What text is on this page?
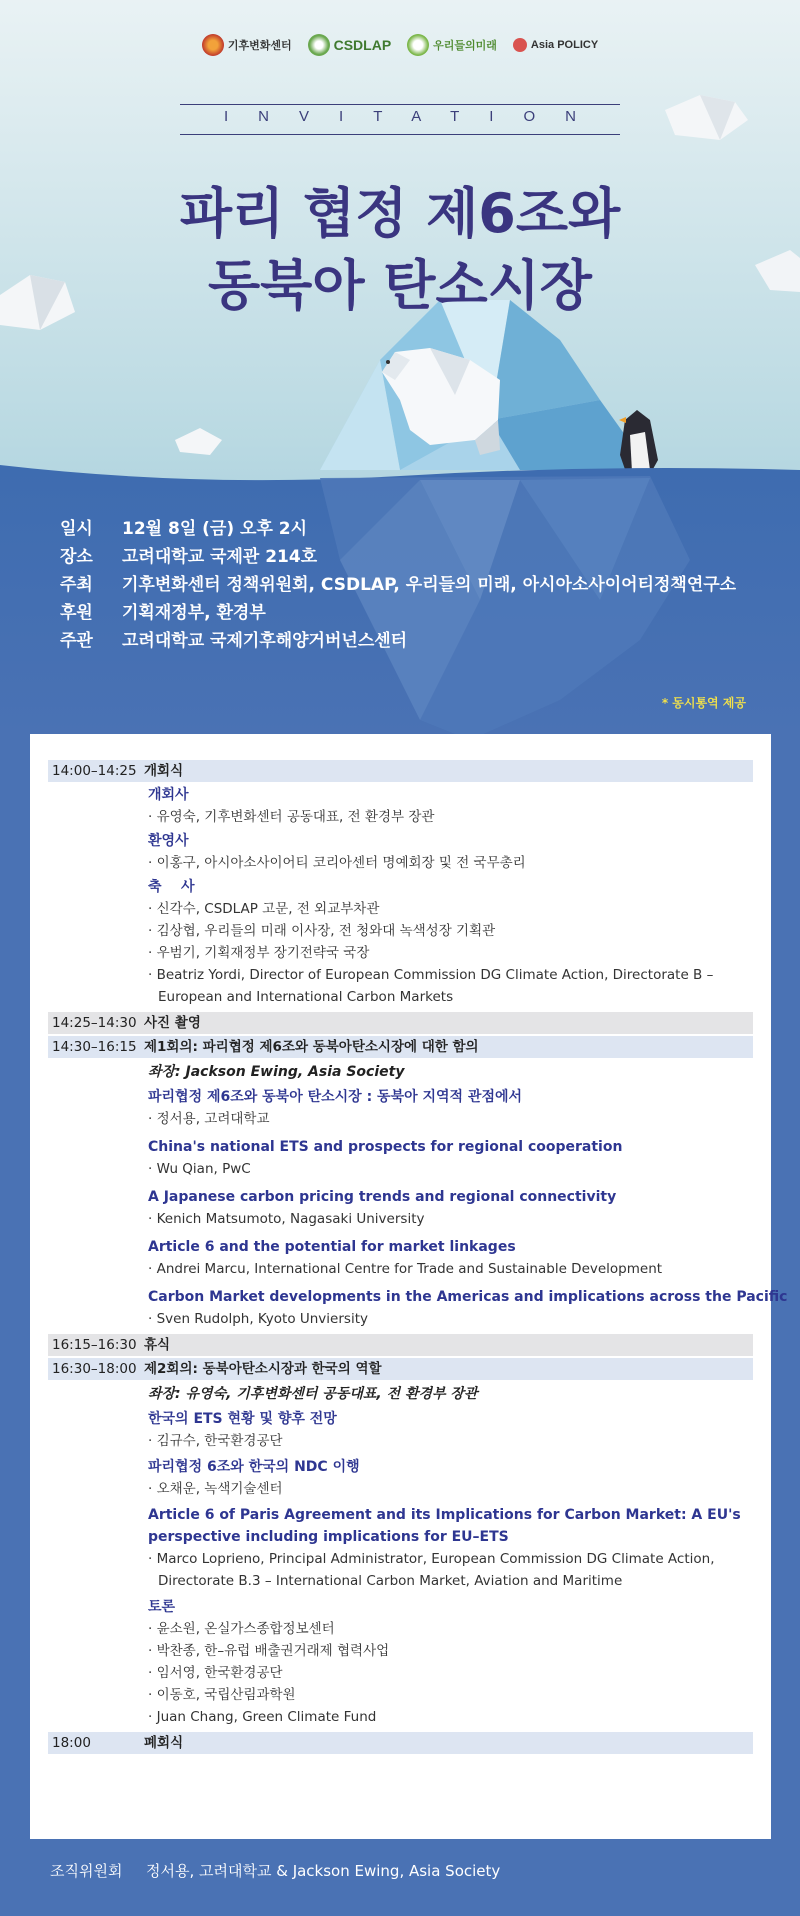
기후변화센터	CSDLAP	우리들의미래	Asia POLICY
INVITATION
파리 협정 제6조와
동북아 탄소시장
일시	12월 8일 (금) 오후 2시
장소	고려대학교 국제관 214호
주최	기후변화센터 정책위원회, CSDLAP, 우리들의 미래, 아시아소사이어티정책연구소
후원	기획재정부, 환경부
주관	고려대학교 국제기후해양거버넌스센터
* 동시통역 제공
14:00–14:25 개회식
개회사
· 유영숙, 기후변화센터 공동대표, 전 환경부 장관
환영사
· 이홍구, 아시아소사이어티 코리아센터 명예회장 및 전 국무총리
축    사
· 신각수, CSDLAP 고문, 전 외교부차관
· 김상협, 우리들의 미래 이사장, 전 청와대 녹색성장 기획관
· 우범기, 기획재정부 장기전략국 국장
· Beatriz Yordi, Director of European Commission DG Climate Action, Directorate B – European and International Carbon Markets
14:25–14:30 사진 촬영
14:30–16:15 제1회의: 파리협정 제6조와 동북아탄소시장에 대한 함의
좌장: Jackson Ewing, Asia Society
파리협정 제6조와 동북아 탄소시장 : 동북아 지역적 관점에서
· 정서용, 고려대학교
China's national ETS and prospects for regional cooperation
· Wu Qian, PwC
A Japanese carbon pricing trends and regional connectivity
· Kenich Matsumoto, Nagasaki University
Article 6 and the potential for market linkages
· Andrei Marcu, International Centre for Trade and Sustainable Development
Carbon Market developments in the Americas and implications across the Pacific
· Sven Rudolph, Kyoto Unviersity
16:15–16:30 휴식
16:30–18:00 제2회의: 동북아탄소시장과 한국의 역할
좌장: 유영숙, 기후변화센터 공동대표, 전 환경부 장관
한국의 ETS 현황 및 향후 전망
· 김규수, 한국환경공단
파리협정 6조와 한국의 NDC 이행
· 오채운, 녹색기술센터
Article 6 of Paris Agreement and its Implications for Carbon Market: A EU's perspective including implications for EU–ETS
· Marco Loprieno, Principal Administrator, European Commission DG Climate Action, Directorate B.3 – International Carbon Market, Aviation and Maritime
토론
· 윤소원, 온실가스종합정보센터
· 박찬종, 한–유럽 배출권거래제 협력사업
· 임서영, 한국환경공단
· 이동호, 국립산림과학원
· Juan Chang, Green Climate Fund
18:00	폐회식
조직위원회	정서용, 고려대학교 & Jackson Ewing, Asia Society
